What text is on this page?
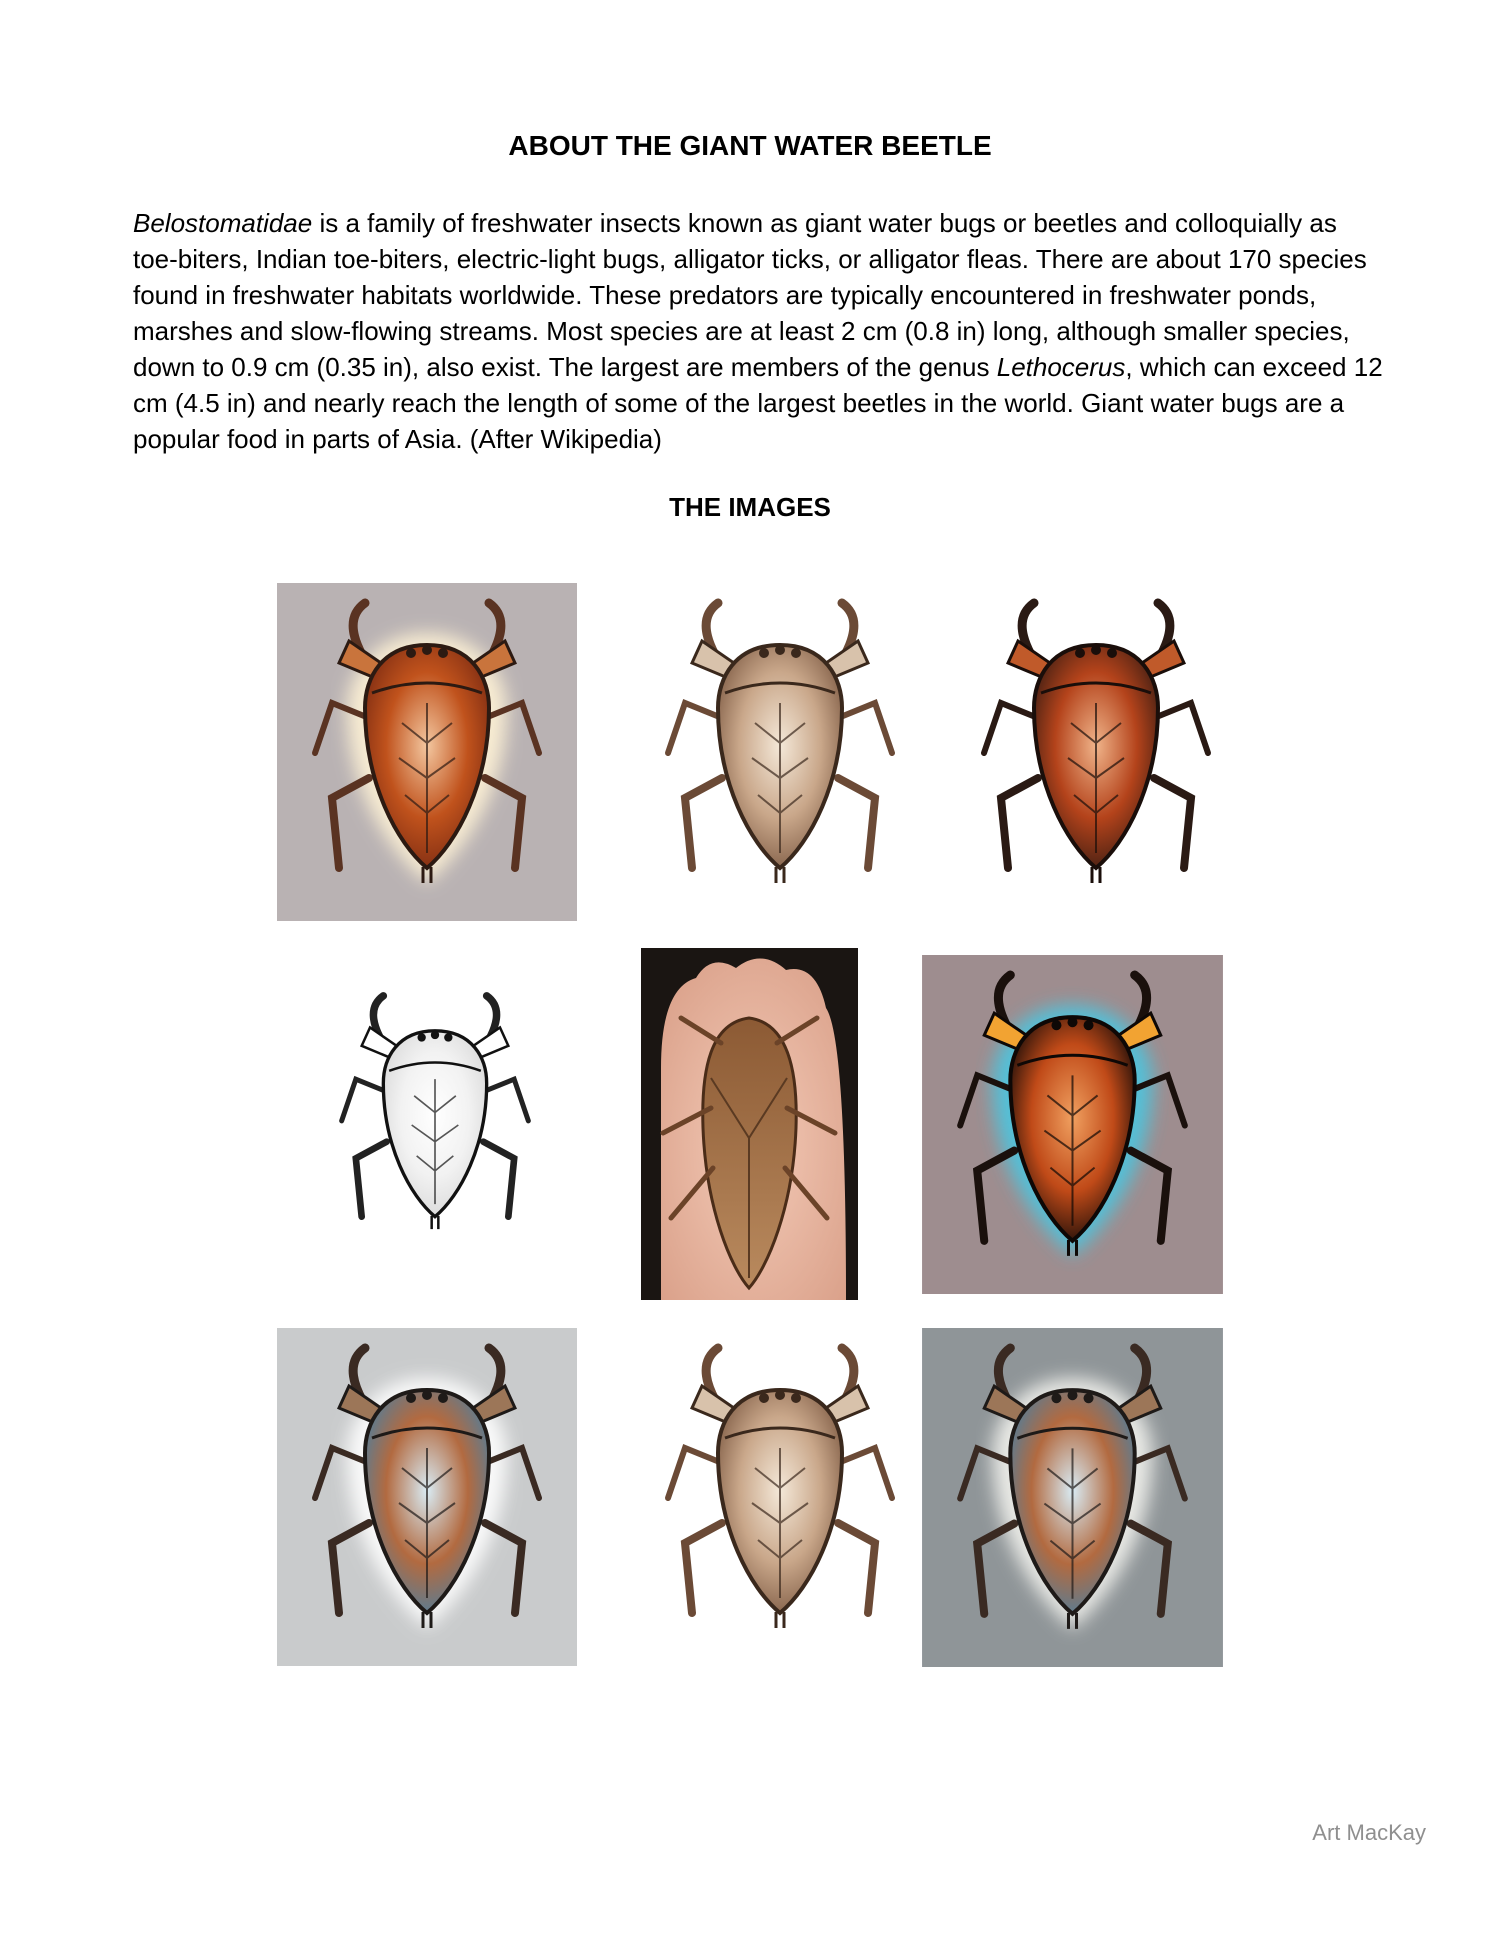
ABOUT THE GIANT WATER BEETLE

Belostomatidae is a family of freshwater insects known as giant water bugs or beetles and colloquially as toe-biters, Indian toe-biters, electric-light bugs, alligator ticks, or alligator fleas. There are about 170 species found in freshwater habitats worldwide. These predators are typically encountered in freshwater ponds, marshes and slow-flowing streams. Most species are at least 2 cm (0.8 in) long, although smaller species, down to 0.9 cm (0.35 in), also exist. The largest are members of the genus Lethocerus, which can exceed 12 cm (4.5 in) and nearly reach the length of some of the largest beetles in the world. Giant water bugs are a popular food in parts of Asia. (After Wikipedia)

THE IMAGES
Art MacKay
